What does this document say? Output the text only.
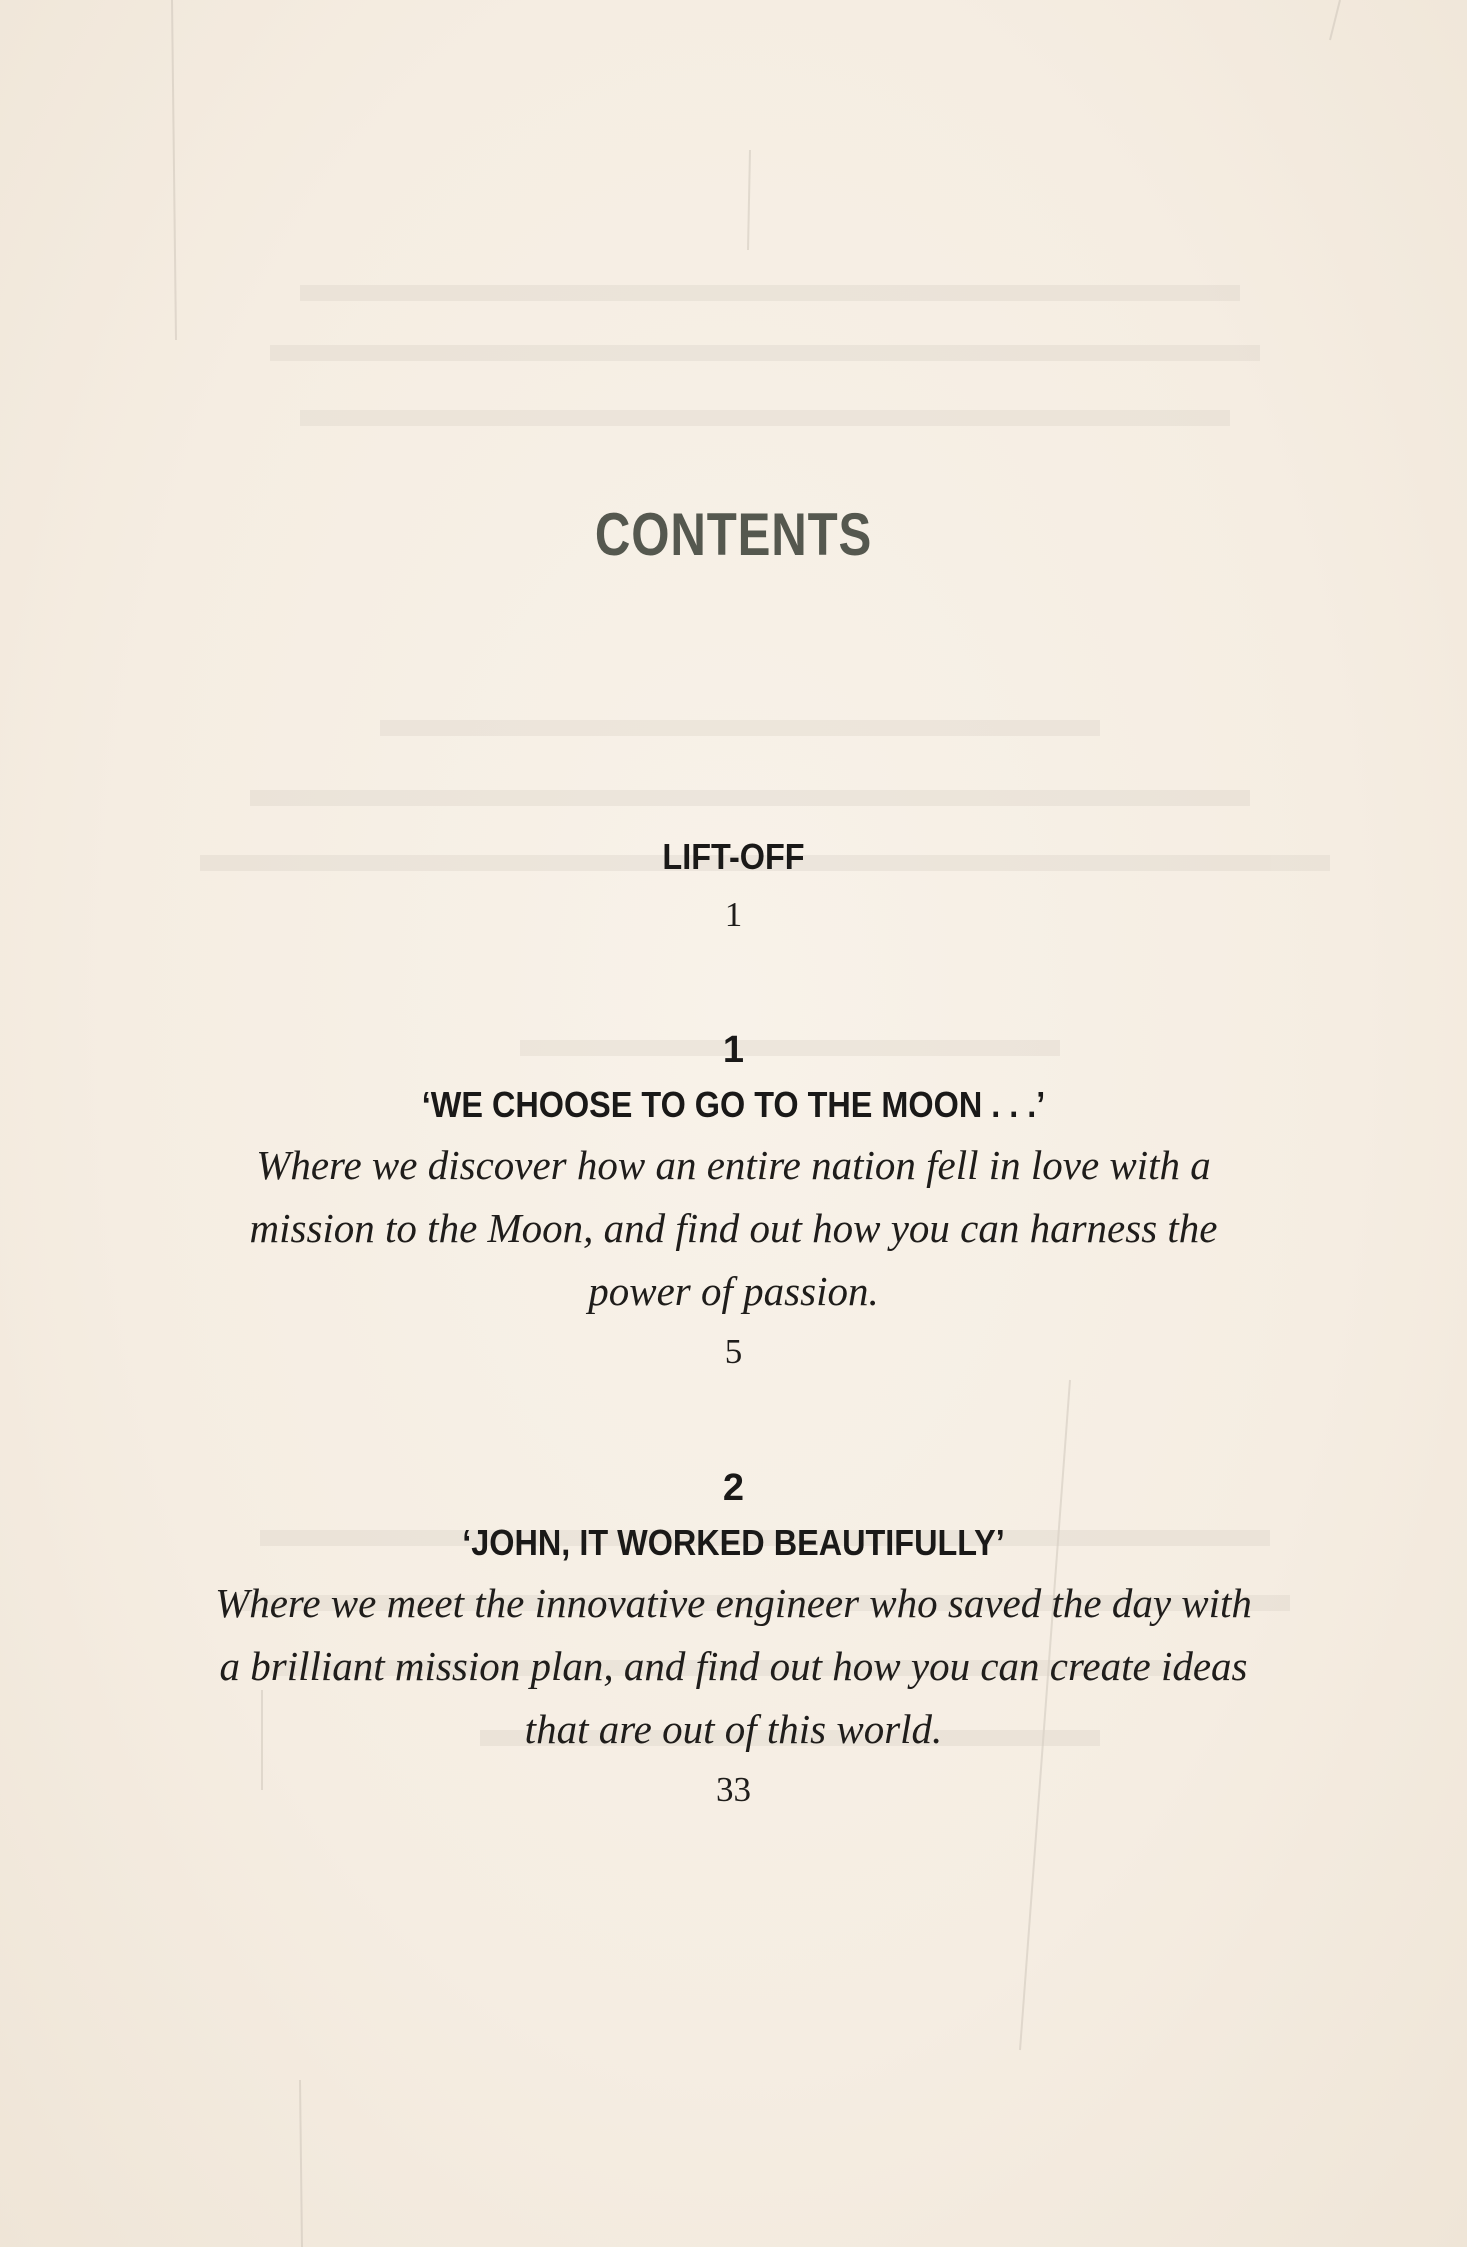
CONTENTS
LIFT-OFF
1
1
‘WE CHOOSE TO GO TO THE MOON . . .’
Where we discover how an entire nation fell in love with a mission to the Moon, and find out how you can harness the power of passion.
5
2
‘JOHN, IT WORKED BEAUTIFULLY’
Where we meet the innovative engineer who saved the day with a brilliant mission plan, and find out how you can create ideas that are out of this world.
33
